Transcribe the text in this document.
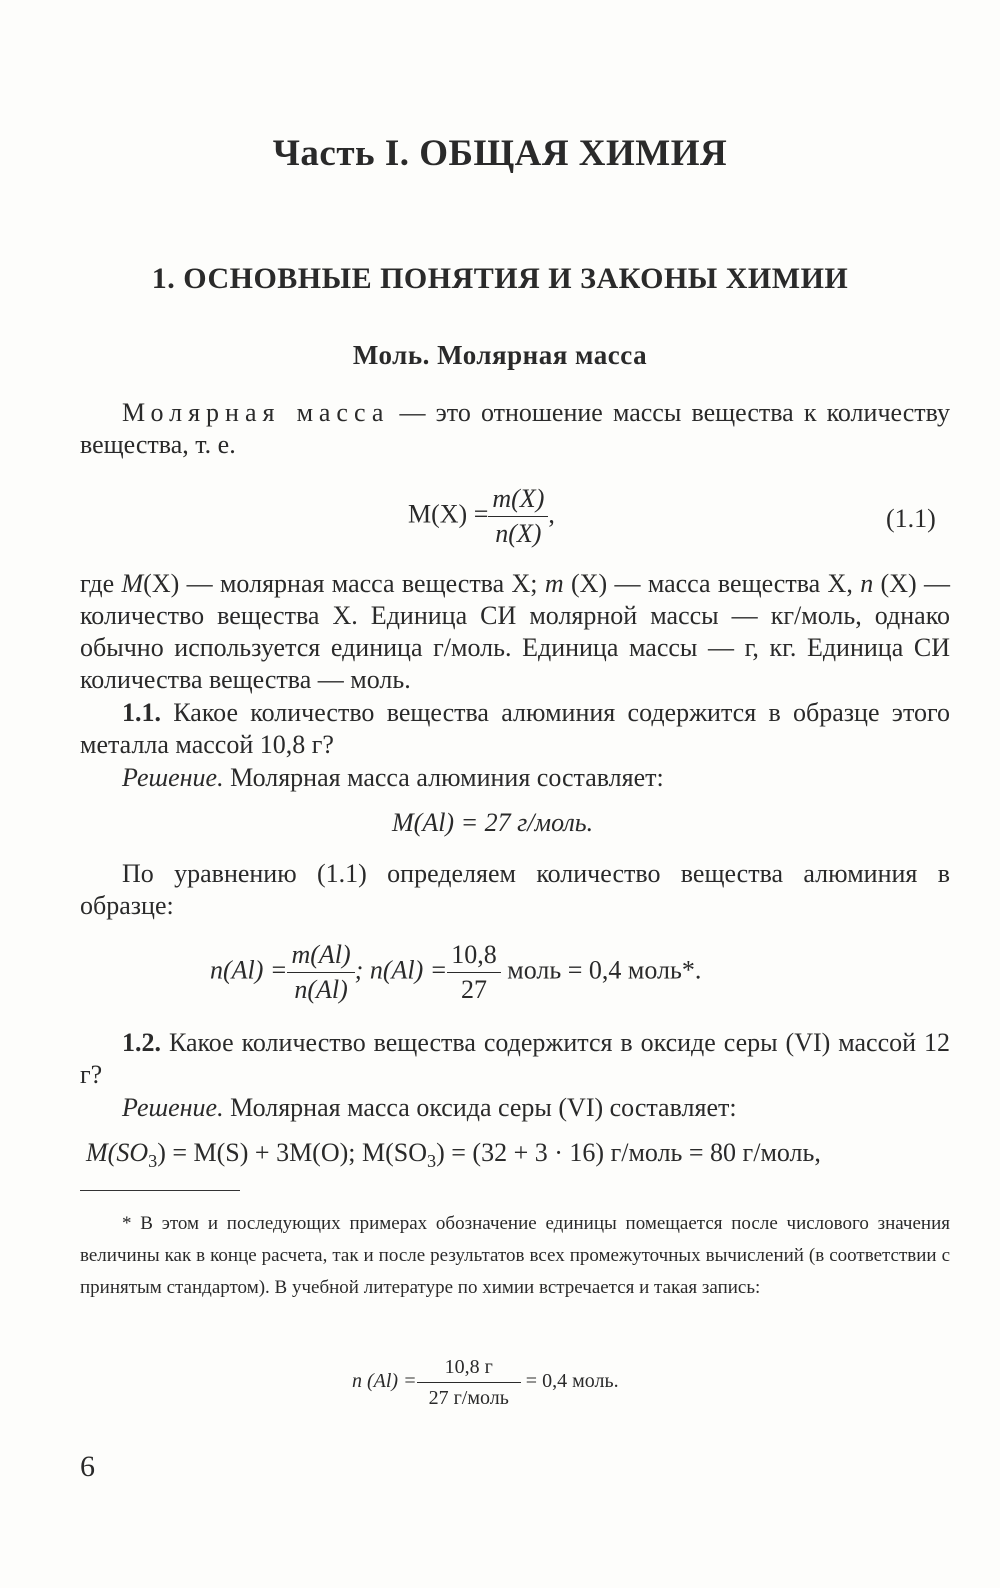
Часть I. ОБЩАЯ ХИМИЯ
1. ОСНОВНЫЕ ПОНЯТИЯ И ЗАКОНЫ ХИМИИ
Моль. Молярная масса
Молярная масса — это отношение массы вещества к количеству вещества, т. е.
$M(X) = \frac{m(X)}{n(X)}$ ,	(1.1)
где M(X) — молярная масса вещества X; m (X) — масса вещества X, n (X) — количество вещества X. Единица СИ молярной массы — кг/моль, однако обычно используется единица г/моль. Единица массы — г, кг. Единица СИ количества вещества — моль.
1.1. Какое количество вещества алюминия содержится в образце этого металла массой 10,8 г?
Решение. Молярная масса алюминия составляет:
M(Al) = 27 г/моль.
По уравнению (1.1) определяем количество вещества алюминия в образце:
$n(Al) = \frac{m(Al)}{n(Al)}$ ; $n(Al) = \frac{10,8}{27}$ моль = 0,4 моль*.
1.2. Какое количество вещества содержится в оксиде серы (VI) массой 12 г?
Решение. Молярная масса оксида серы (VI) составляет:
$M(SO_3) = M(S) + 3M(O)$; $M(SO_3) = (32 + 3 \cdot 16)$ г/моль = 80 г/моль,
* В этом и последующих примерах обозначение единицы помещается после числового значения величины как в конце расчета, так и после результатов всех промежуточных вычислений (в соответствии с принятым стандартом). В учебной литературе по химии встречается и такая запись:
n $(Al) = \frac{10,8 г}{\text{27 г/моль}} = 0,4$ моль.
6
